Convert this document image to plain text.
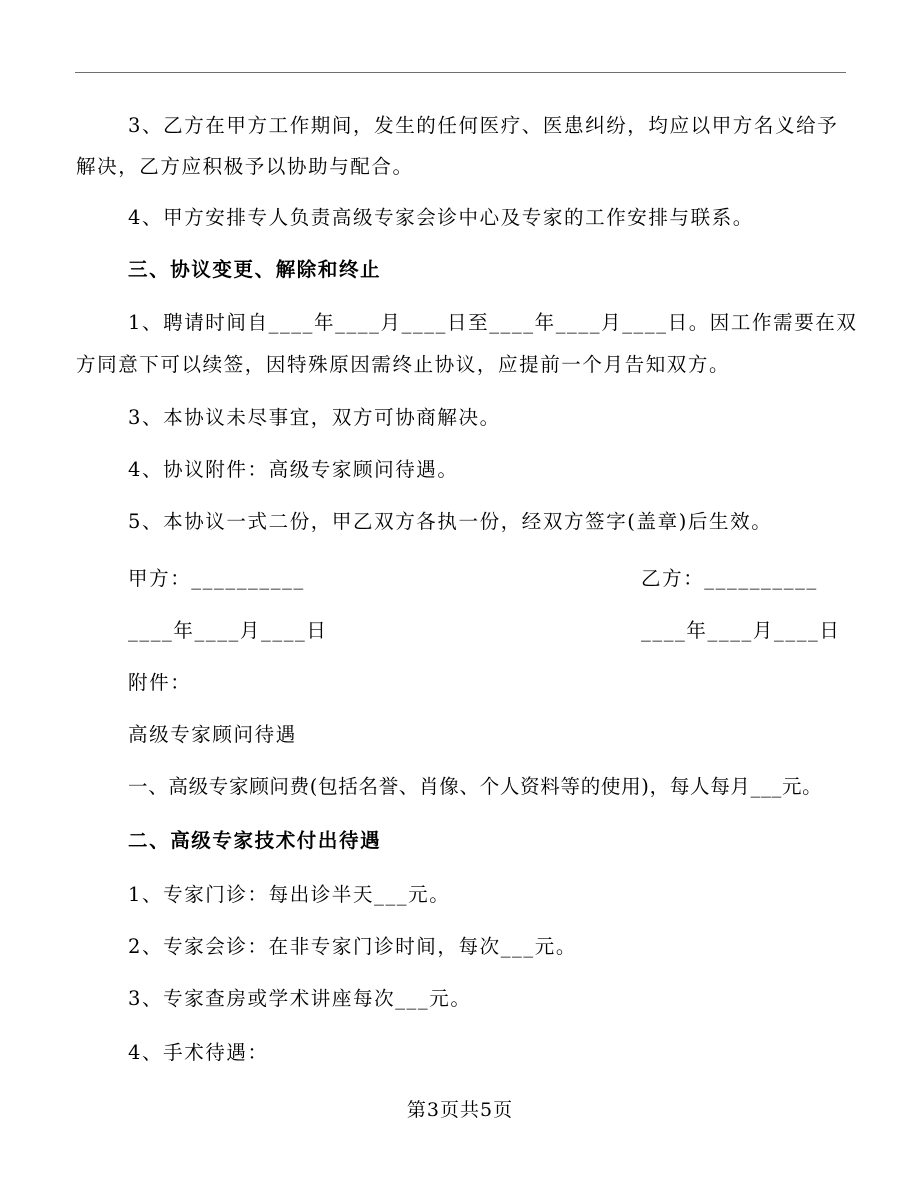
3、乙方在甲方工作期间，发生的任何医疗、医患纠纷，均应以甲方名义给予
解决，乙方应积极予以协助与配合。
4、甲方安排专人负责高级专家会诊中心及专家的工作安排与联系。
三、协议变更、解除和终止
1、聘请时间自____年____月____日至____年____月____日。因工作需要在双
方同意下可以续签，因特殊原因需终止协议，应提前一个月告知双方。
3、本协议未尽事宜，双方可协商解决。
4、协议附件：高级专家顾问待遇。
5、本协议一式二份，甲乙双方各执一份，经双方签字(盖章)后生效。
甲方：__________	乙方：__________
____年____月____日	____年____月____日
附件：
高级专家顾问待遇
一、高级专家顾问费(包括名誉、肖像、个人资料等的使用)，每人每月___元。
二、高级专家技术付出待遇
1、专家门诊：每出诊半天___元。
2、专家会诊：在非专家门诊时间，每次___元。
3、专家查房或学术讲座每次___元。
4、手术待遇：
第3页共5页
